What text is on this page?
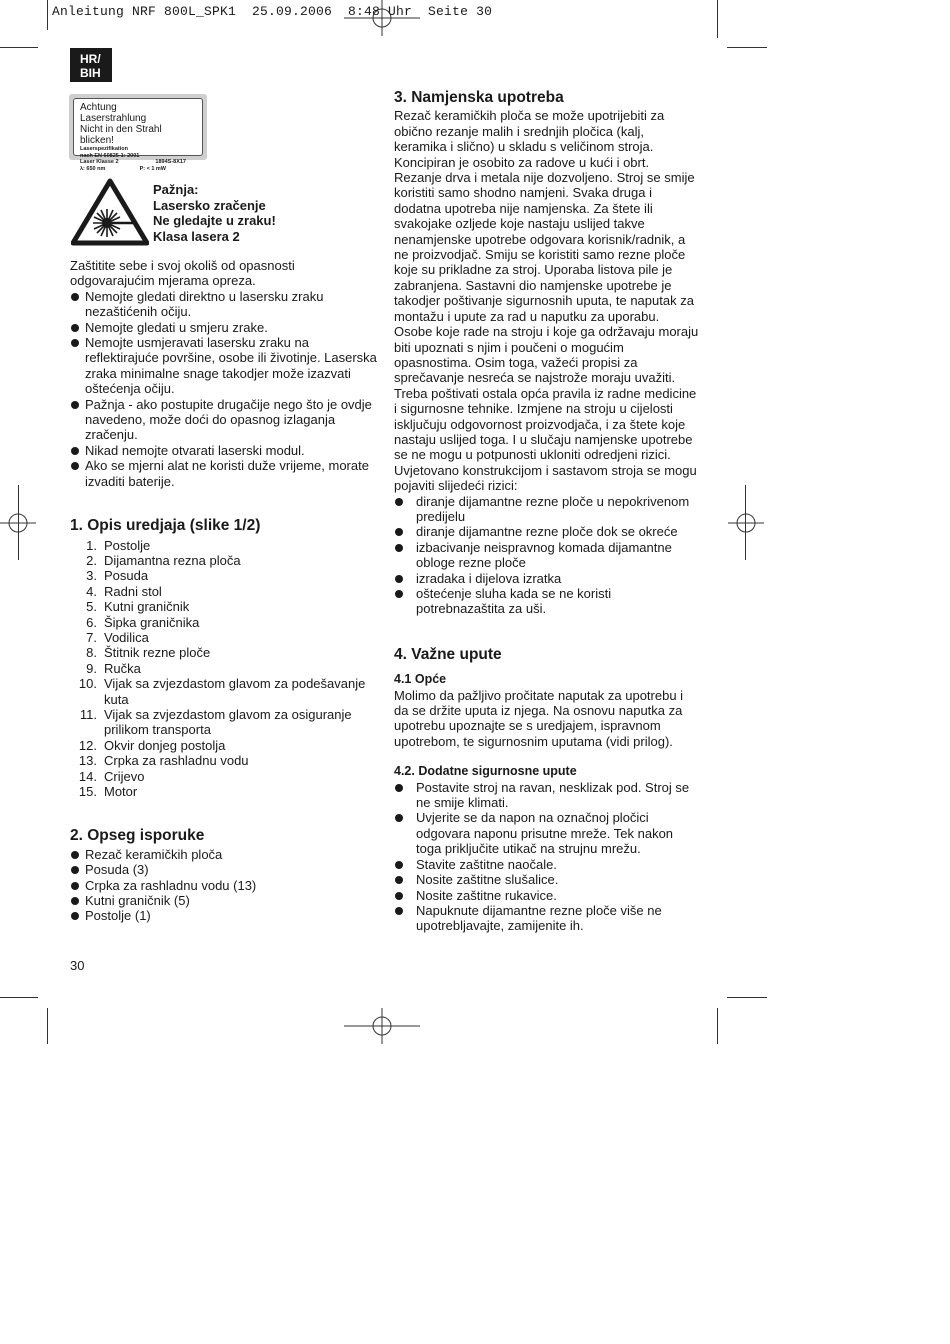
Anleitung NRF 800L_SPK1  25.09.2006  8:48 Uhr  Seite 30
HR/
BIH
Achtung
Laserstrahlung
Nicht in den Strahl blicken!
Laserspezifikation
nach EN 60825-1: 2001
Laser Klasse 2	1894S-8X17
λ: 650 nm	P: < 1 mW
Pažnja:
Lasersko zračenje
Ne gledajte u zraku!
Klasa lasera 2

Zaštitite sebe i svoj okoliš od opasnosti odgovarajućim mjerama opreza.

Nemojte gledati direktno u lasersku zraku nezaštićenih očiju.
Nemojte gledati u smjeru zrake.
Nemojte usmjeravati lasersku zraku na reflektirajuće površine, osobe ili životinje. Laserska zraka minimalne snage takodjer može izazvati oštećenja očiju.
Pažnja - ako postupite drugačije nego što je ovdje navedeno, može doći do opasnog izlaganja zračenju.
Nikad nemojte otvarati laserski modul.
Ako se mjerni alat ne koristi duže vrijeme, morate izvaditi baterije.
1. Opis uredjaja (slike 1/2)
1. Postolje
2. Dijamantna rezna ploča
3. Posuda
4. Radni stol
5. Kutni graničnik
6. Šipka graničnika
7. Vodilica
8. Štitnik rezne ploče
9. Ručka
10. Vijak sa zvjezdastom glavom za podešavanje kuta
11. Vijak sa zvjezdastom glavom za osiguranje prilikom transporta
12. Okvir donjeg postolja
13. Crpka za rashladnu vodu
14. Crijevo
15. Motor
2. Opseg isporuke
Rezač keramičkih ploča
Posuda (3)
Crpka za rashladnu vodu (13)
Kutni graničnik (5)
Postolje (1)
3. Namjenska upotreba

Rezač keramičkih ploča se može upotrijebiti za obično rezanje malih i srednjih pločica (kalj, keramika i slično) u skladu s veličinom stroja. Koncipiran je osobito za radove u kući i obrt. Rezanje drva i metala nije dozvoljeno. Stroj se smije koristiti samo shodno namjeni. Svaka druga i dodatna upotreba nije namjenska. Za štete ili svakojake ozljede koje nastaju uslijed takve nenamjenske upotrebe odgovara korisnik/radnik, a ne proizvodjač. Smiju se koristiti samo rezne ploče koje su prikladne za stroj. Uporaba listova pile je zabranjena. Sastavni dio namjenske upotrebe je takodjer poštivanje sigurnosnih uputa, te naputak za montažu i upute za rad u naputku za uporabu. Osobe koje rade na stroju i koje ga održavaju moraju biti upoznati s njim i poučeni o mogućim opasnostima. Osim toga, važeći propisi za sprečavanje nesreća se najstrože moraju uvažiti. Treba poštivati ostala opća pravila iz radne medicine i sigurnosne tehnike. Izmjene na stroju u cijelosti isključuju odgovornost proizvodjača, i za štete koje nastaju uslijed toga. I u slučaju namjenske upotrebe se ne mogu u potpunosti ukloniti odredjeni rizici. Uvjetovano konstrukcijom i sastavom stroja se mogu pojaviti slijedeći rizici:

diranje dijamantne rezne ploče u nepokrivenom predijelu
diranje dijamantne rezne ploče dok se okreće
izbacivanje neispravnog komada dijamantne obloge rezne ploče
izradaka i dijelova izratka
oštećenje sluha kada se ne koristi potrebnazaštita za uši.
4. Važne upute
4.1 Opće

Molimo da pažljivo pročitate naputak za upotrebu i da se držite uputa iz njega. Na osnovu naputka za upotrebu upoznajte se s uredjajem, ispravnom upotrebom, te sigurnosnim uputama (vidi prilog).

4.2. Dodatne sigurnosne upute
Postavite stroj na ravan, nesklizak pod. Stroj se ne smije klimati.
Uvjerite se da napon na označnoj pločici odgovara naponu prisutne mreže. Tek nakon toga priključite utikač na strujnu mrežu.
Stavite zaštitne naočale.
Nosite zaštitne slušalice.
Nosite zaštitne rukavice.
Napuknute dijamantne rezne ploče više ne upotrebljavajte, zamijenite ih.
30
